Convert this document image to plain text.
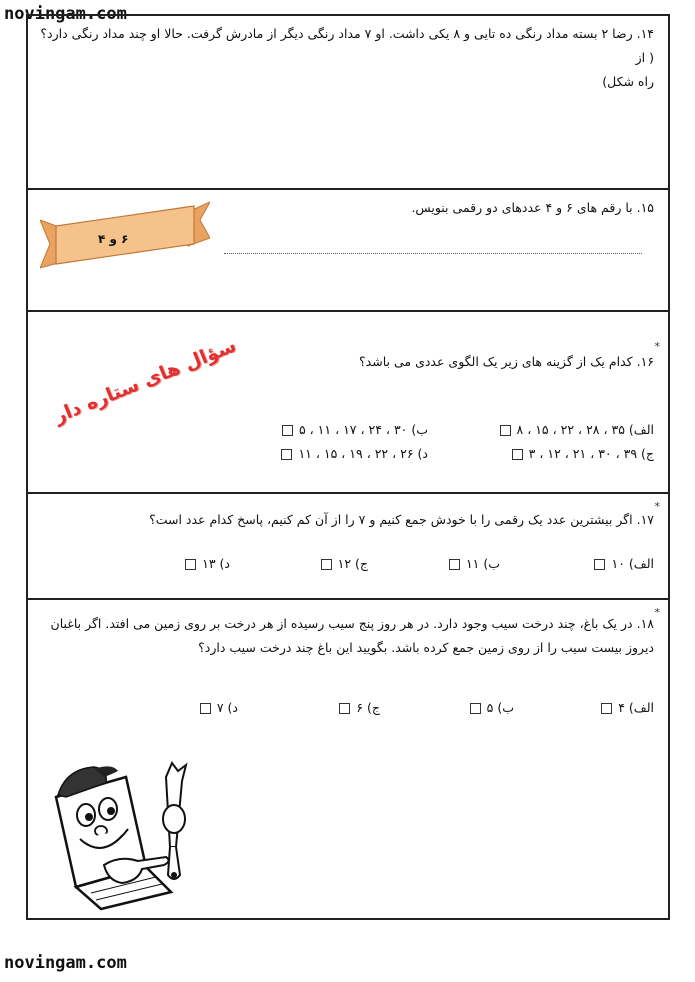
novingam.com
۱۴. رضا ۲ بسته مداد رنگی ده تایی و ۸ یکی داشت. او ۷ مداد رنگی دیگر از مادرش گرفت. حالا او چند مداد رنگی دارد؟ ( از
راه شکل)
۱۵. با رقم های ۶ و ۴ عددهای دو رقمی بنویس.
۶ و ۴
*
۱۶. کدام یک از گزینه های زیر یک الگوی عددی می باشد؟
سؤال های ستاره دار
الف) ۳۵ ، ۲۸ ، ۲۲ ، ۱۵ ، ۸
ب) ۳۰ ، ۲۴ ، ۱۷ ، ۱۱ ، ۵
ج) ۳۹ ، ۳۰ ، ۲۱ ، ۱۲ ، ۳
د) ۲۶ ، ۲۲ ، ۱۹ ، ۱۵ ، ۱۱
*
۱۷. اگر بیشترین عدد یک رقمی را با خودش جمع کنیم و ۷ را از آن کم کنیم، پاسخ کدام عدد است؟
الف) ۱۰
ب) ۱۱
ج) ۱۲
د) ۱۳
*
۱۸. در یک باغ، چند درخت سیب وجود دارد. در هر روز پنج سیب رسیده از هر درخت بر روی زمین می افتد. اگر باغبان
دیروز بیست سیب را از روی زمین جمع کرده باشد. بگویید این باغ چند درخت سیب دارد؟
الف) ۴
ب) ۵
ج) ۶
د) ۷
novingam.com
